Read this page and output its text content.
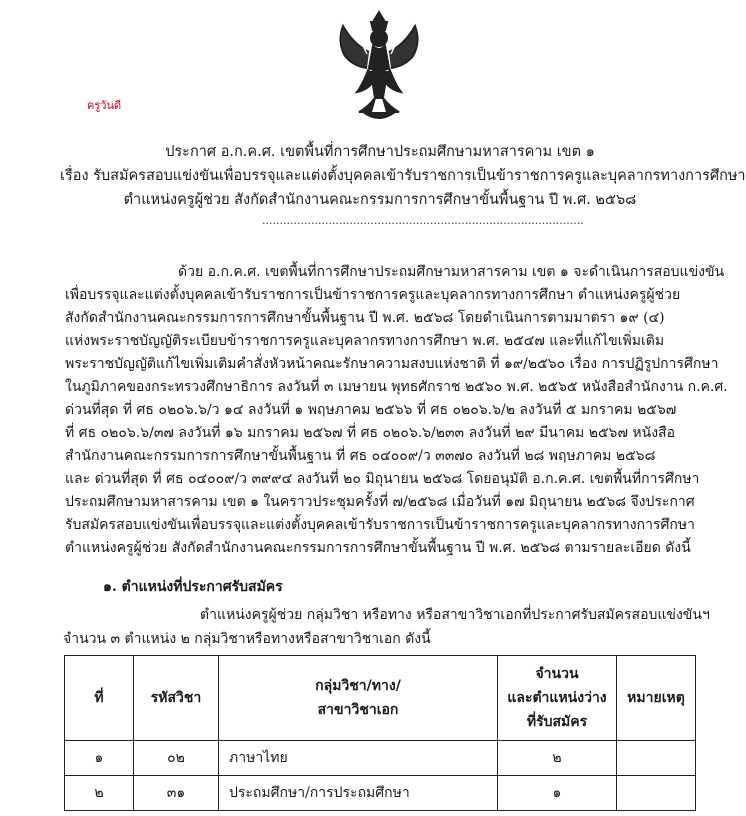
ครูวันดี
ประกาศ อ.ก.ค.ศ. เขตพื้นที่การศึกษาประถมศึกษามหาสารคาม เขต ๑
เรื่อง รับสมัครสอบแข่งขันเพื่อบรรจุและแต่งตั้งบุคคลเข้ารับราชการเป็นข้าราชการครูและบุคลากรทางการศึกษา
ตำแหน่งครูผู้ช่วย สังกัดสำนักงานคณะกรรมการการศึกษาขั้นพื้นฐาน ปี พ.ศ. ๒๕๖๘
............................................................................................
ด้วย อ.ก.ค.ศ. เขตพื้นที่การศึกษาประถมศึกษามหาสารคาม เขต ๑ จะดำเนินการสอบแข่งขัน
เพื่อบรรจุและแต่งตั้งบุคคลเข้ารับราชการเป็นข้าราชการครูและบุคลากรทางการศึกษา ตำแหน่งครูผู้ช่วย
สังกัดสำนักงานคณะกรรมการการศึกษาขั้นพื้นฐาน ปี พ.ศ. ๒๕๖๘ โดยดำเนินการตามมาตรา ๑๙ (๔)
แห่งพระราชบัญญัติระเบียบข้าราชการครูและบุคลากรทางการศึกษา พ.ศ. ๒๕๔๗ และที่แก้ไขเพิ่มเติม
พระราชบัญญัติแก้ไขเพิ่มเติมคำสั่งหัวหน้าคณะรักษาความสงบแห่งชาติ ที่ ๑๙/๒๕๖๐ เรื่อง การปฏิรูปการศึกษา
ในภูมิภาคของกระทรวงศึกษาธิการ ลงวันที่ ๓ เมษายน พุทธศักราช ๒๕๖๐ พ.ศ. ๒๕๖๕ หนังสือสำนักงาน ก.ค.ศ.
ด่วนที่สุด ที่ ศธ ๐๒๐๖.๖/ว ๑๔ ลงวันที่ ๑ พฤษภาคม ๒๕๖๖ ที่ ศธ ๐๒๐๖.๖/๒ ลงวันที่ ๕ มกราคม ๒๕๖๗
ที่ ศธ ๐๒๐๖.๖/๓๗ ลงวันที่ ๑๖ มกราคม ๒๕๖๗ ที่ ศธ ๐๒๐๖.๖/๒๓๓ ลงวันที่ ๒๙ มีนาคม ๒๕๖๗ หนังสือ
สำนักงานคณะกรรมการการศึกษาขั้นพื้นฐาน ที่ ศธ ๐๔๐๐๙/ว ๓๓๗๐ ลงวันที่ ๒๘ พฤษภาคม ๒๕๖๘
และ ด่วนที่สุด ที่ ศธ ๐๔๐๐๙/ว ๓๙๙๔ ลงวันที่ ๒๐ มิถุนายน ๒๕๖๘ โดยอนุมัติ อ.ก.ค.ศ. เขตพื้นที่การศึกษา
ประถมศึกษามหาสารคาม เขต ๑ ในคราวประชุมครั้งที่ ๗/๒๕๖๘ เมื่อวันที่ ๑๗ มิถุนายน ๒๕๖๘ จึงประกาศ
รับสมัครสอบแข่งขันเพื่อบรรจุและแต่งตั้งบุคคลเข้ารับราชการเป็นข้าราชการครูและบุคลากรทางการศึกษา
ตำแหน่งครูผู้ช่วย สังกัดสำนักงานคณะกรรมการการศึกษาขั้นพื้นฐาน ปี พ.ศ. ๒๕๖๘ ตามรายละเอียด ดังนี้
๑. ตำแหน่งที่ประกาศรับสมัคร
ตำแหน่งครูผู้ช่วย กลุ่มวิชา หรือทาง หรือสาขาวิชาเอกที่ประกาศรับสมัครสอบแข่งขันฯ
จำนวน ๓ ตำแหน่ง ๒ กลุ่มวิชาหรือทางหรือสาขาวิชาเอก ดังนี้
ที่	รหัสวิชา	กลุ่มวิชา/ทาง/
สาขาวิชาเอก	จำนวน
และตำแหน่งว่าง
ที่รับสมัคร	หมายเหตุ
๑	๐๒	ภาษาไทย	๒	
๒	๓๑	ประถมศึกษา/การประถมศึกษา	๑	
